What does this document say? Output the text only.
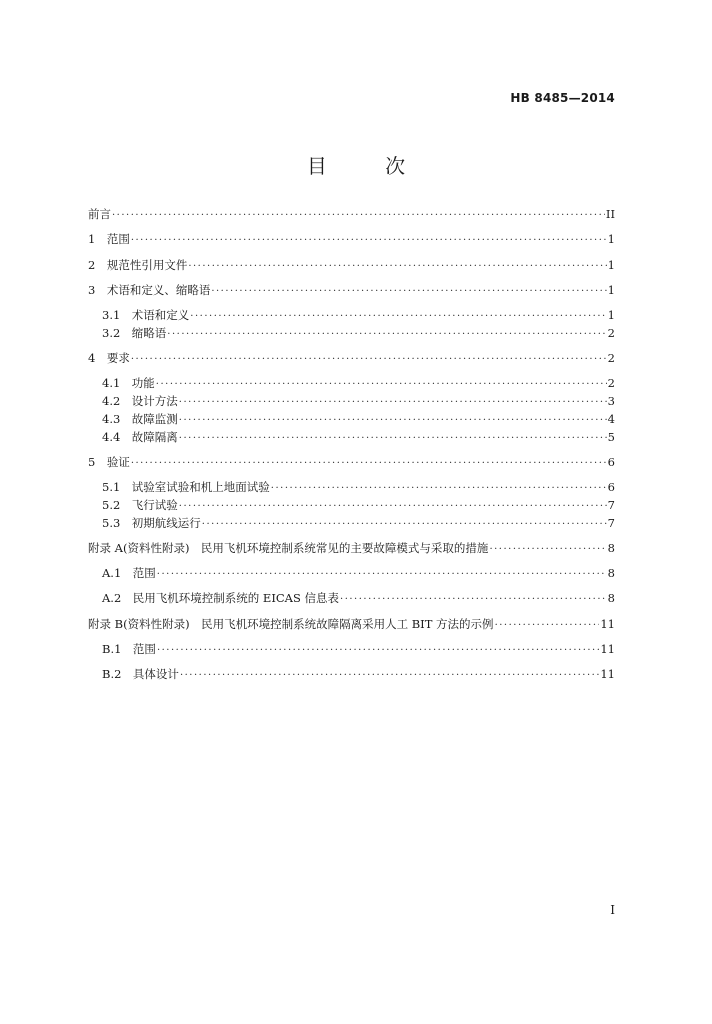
HB 8485—2014
目 次
前言 ·····	II
1　范围 ·····	1
2　规范性引用文件 ·····	1
3　术语和定义、缩略语 ·····	1
3.1　术语和定义 ·····	1
3.2　缩略语 ·····	2
4　要求 ·····	2
4.1　功能 ·····	2
4.2　设计方法 ·····	3
4.3　故障监测 ·····	4
4.4　故障隔离 ·····	5
5　验证 ·····	6
5.1　试验室试验和机上地面试验 ·····	6
5.2　飞行试验 ·····	7
5.3　初期航线运行 ·····	7
附录 A(资料性附录)　民用飞机环境控制系统常见的主要故障模式与采取的措施 ·····	8
A.1　范围 ·····	8
A.2　民用飞机环境控制系统的 EICAS 信息表 ·····	8
附录 B(资料性附录)　民用飞机环境控制系统故障隔离采用人工 BIT 方法的示例 ·····	11
B.1　范围 ·····	11
B.2　具体设计 ·····	11
I
